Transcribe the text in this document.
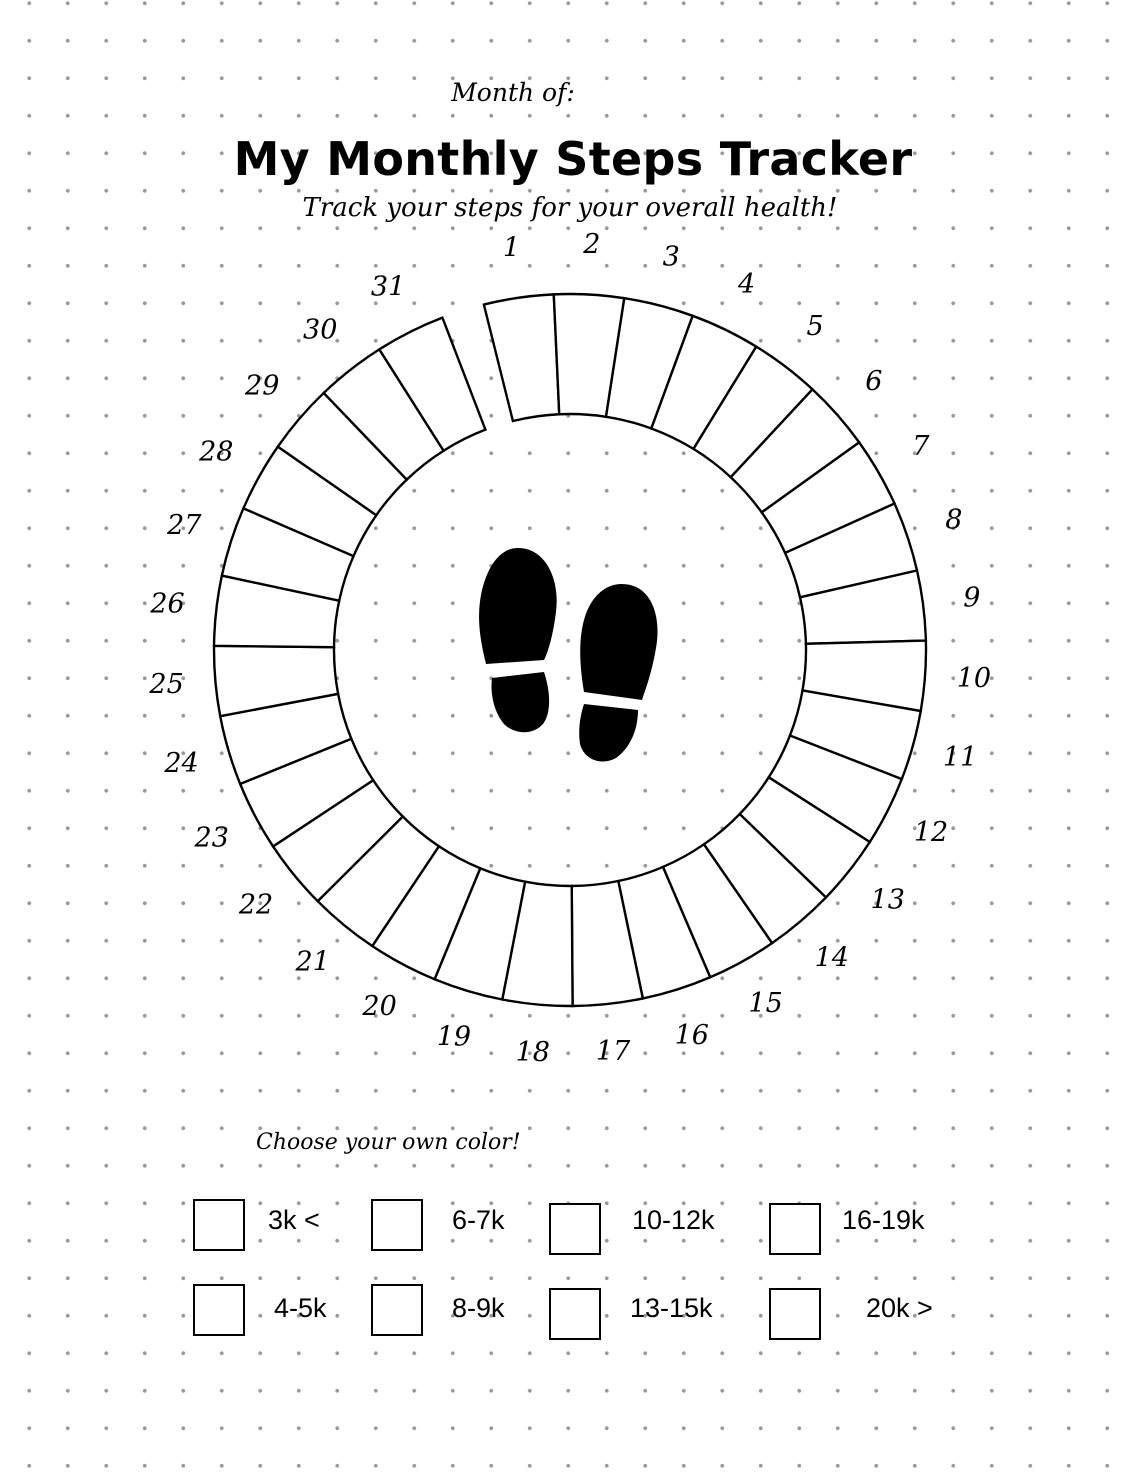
Month of:
My Monthly Steps Tracker
Track your steps for your overall health!
1 2 3
4
5
6
7
8
9
10
11
12
13
14
15
16
17
18
19
20
21
22
23
24
25
26
27
28
29
30
31
Choose your own color!
3k <	6-7k	10-12k	16-19k
4-5k	8-9k	13-15k	20k >
